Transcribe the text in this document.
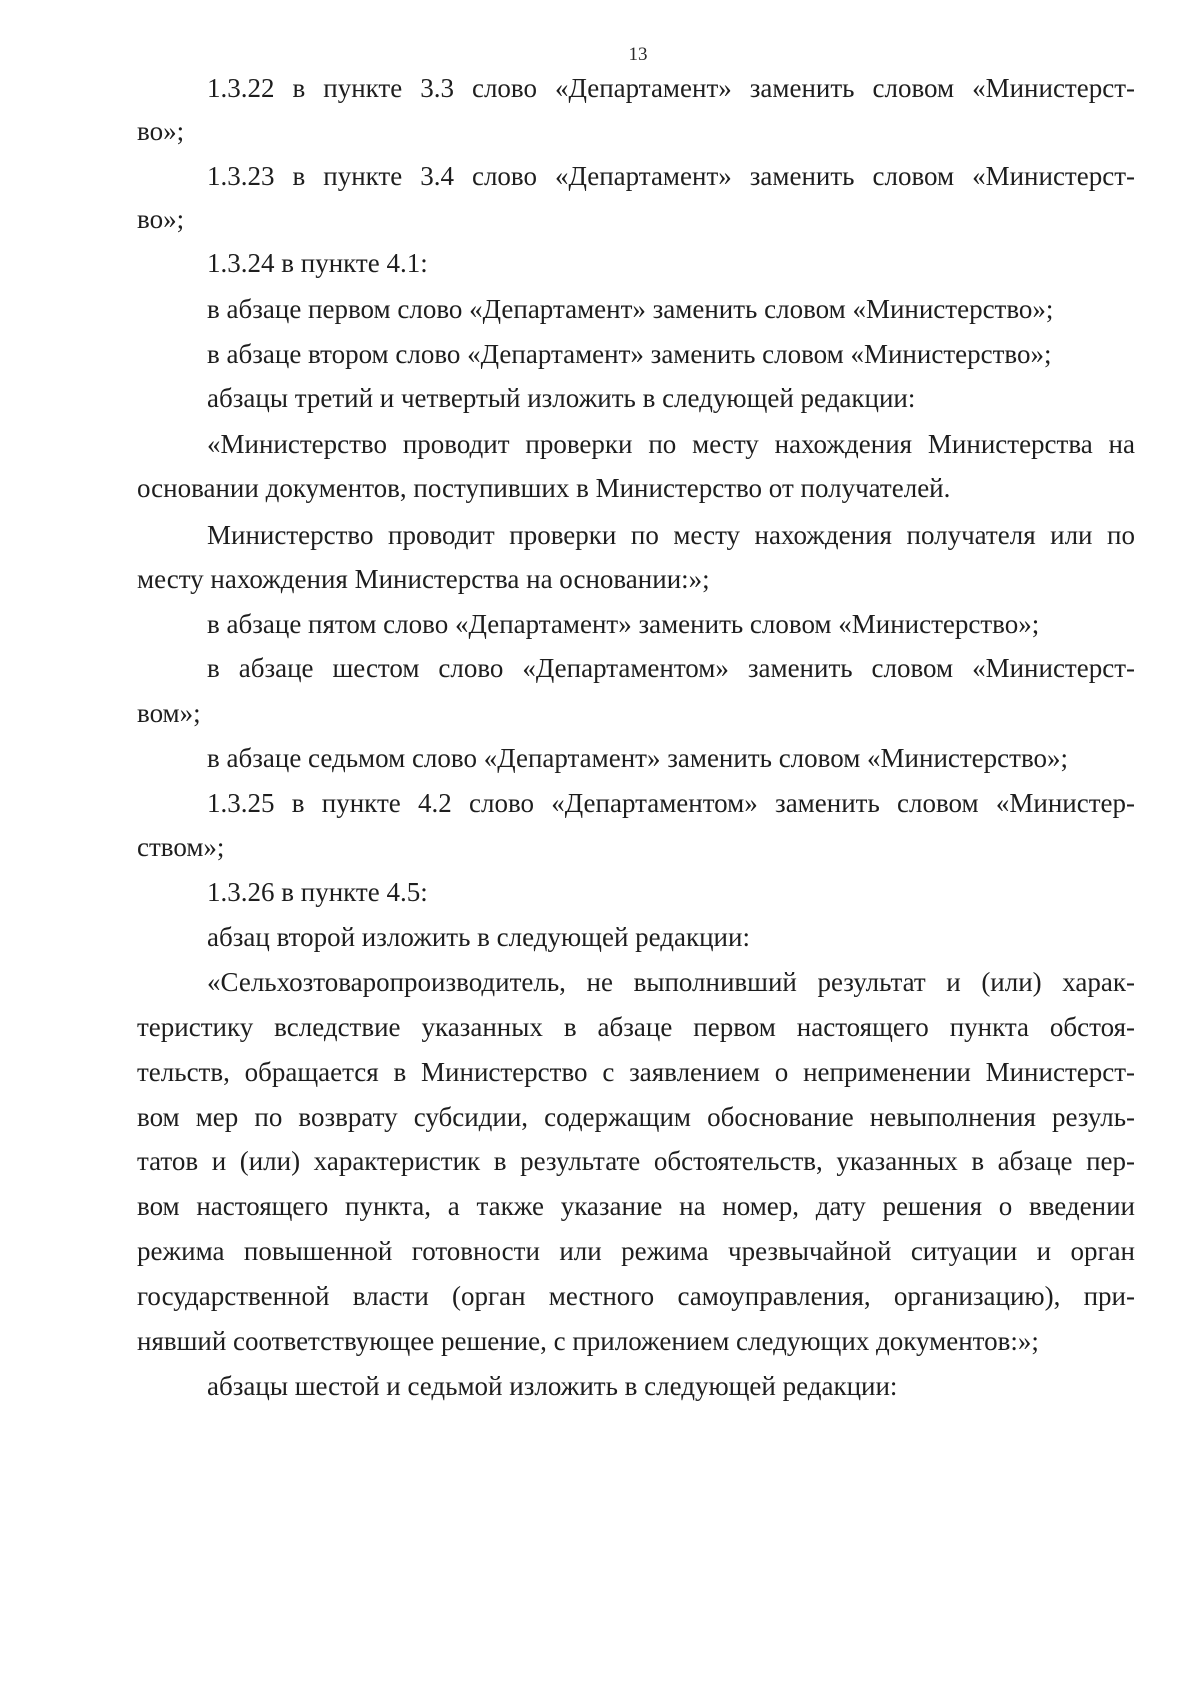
13
1.3.22 в пункте 3.3 слово «Департамент» заменить словом «Министерст-
во»;
1.3.23 в пункте 3.4 слово «Департамент» заменить словом «Министерст-
во»;
1.3.24 в пункте 4.1:
в абзаце первом слово «Департамент» заменить словом «Министерство»;
в абзаце втором слово «Департамент» заменить словом «Министерство»;
абзацы третий и четвертый изложить в следующей редакции:
«Министерство проводит проверки по месту нахождения Министерства на
основании документов, поступивших в Министерство от получателей.
Министерство проводит проверки по месту нахождения получателя или по
месту нахождения Министерства на основании:»;
в абзаце пятом слово «Департамент» заменить словом «Министерство»;
в абзаце шестом слово «Департаментом» заменить словом «Министерст-
вом»;
в абзаце седьмом слово «Департамент» заменить словом «Министерство»;
1.3.25 в пункте 4.2 слово «Департаментом» заменить словом «Министер-
ством»;
1.3.26 в пункте 4.5:
абзац второй изложить в следующей редакции:
«Сельхозтоваропроизводитель, не выполнивший результат и (или) харак-
теристику вследствие указанных в абзаце первом настоящего пункта обстоя-
тельств, обращается в Министерство с заявлением о неприменении Министерст-
вом мер по возврату субсидии, содержащим обоснование невыполнения резуль-
татов и (или) характеристик в результате обстоятельств, указанных в абзаце пер-
вом настоящего пункта, а также указание на номер, дату решения о введении
режима повышенной готовности или режима чрезвычайной ситуации и орган
государственной власти (орган местного самоуправления, организацию), при-
нявший соответствующее решение, с приложением следующих документов:»;
абзацы шестой и седьмой изложить в следующей редакции:
